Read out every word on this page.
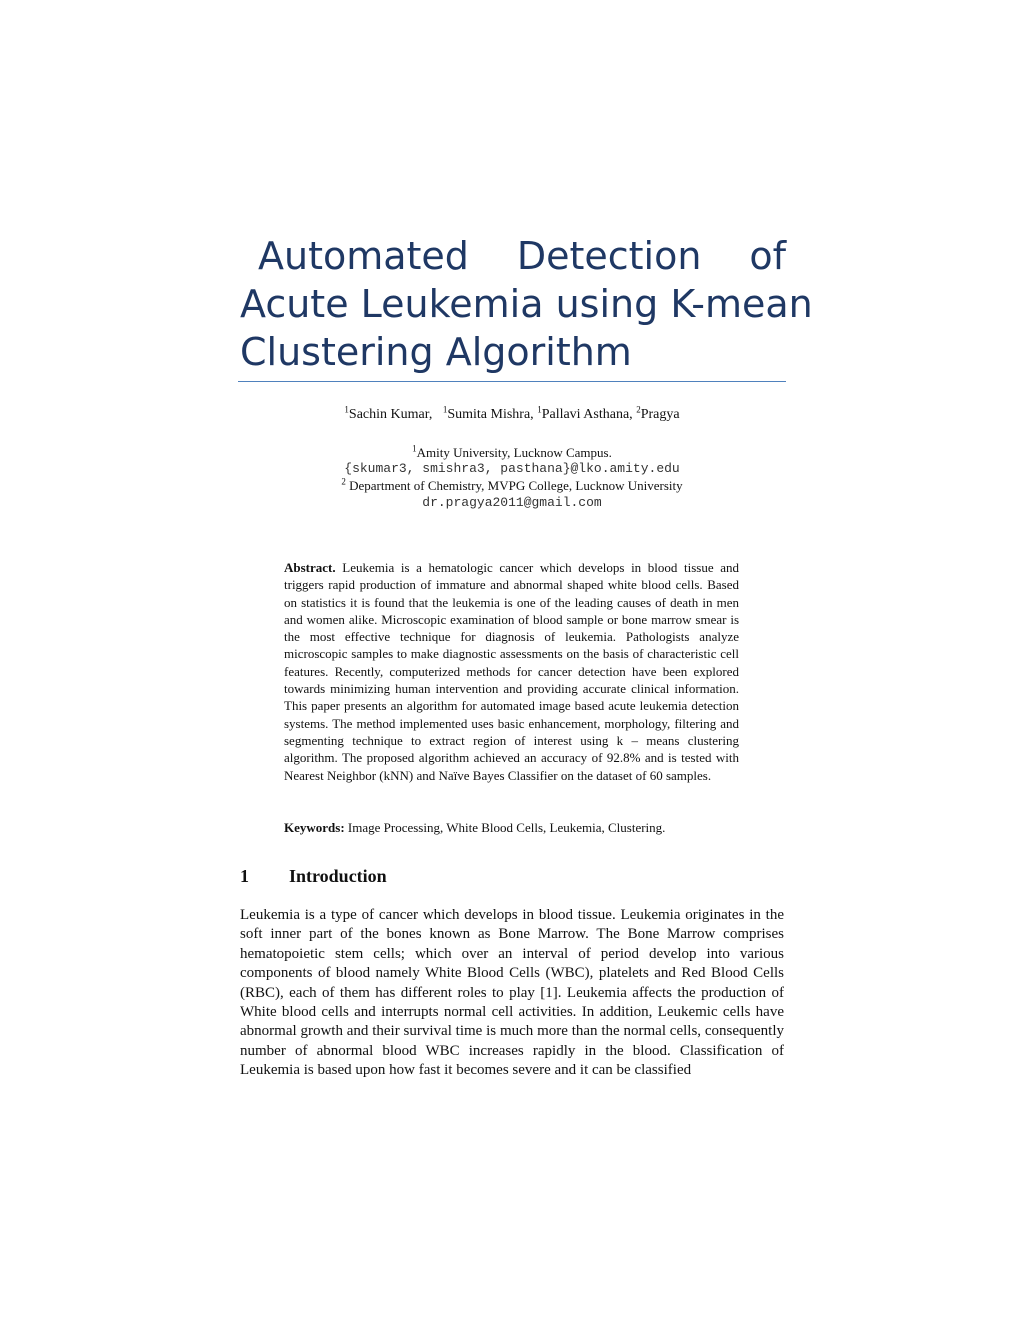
Automated Detection of
Acute Leukemia using K-mean
Clustering Algorithm
$^1$Sachin Kumar, $^1$Sumita Mishra, $^1$Pallavi Asthana, $^2$Pragya
$^1$Amity University, Lucknow Campus.
{skumar3, smishra3, pasthana}@lko.amity.edu
$^2$ Department of Chemistry, MVPG College, Lucknow University
dr.pragya2011@gmail.com

Abstract. Leukemia is a hematologic cancer which develops in blood tissue and triggers rapid production of immature and abnormal shaped white blood cells. Based on statistics it is found that the leukemia is one of the leading causes of death in men and women alike. Microscopic examination of blood sample or bone marrow smear is the most effective technique for diagnosis of leukemia. Pathologists analyze microscopic samples to make diagnostic assessments on the basis of characteristic cell features. Recently, computerized methods for cancer detection have been explored towards minimizing human intervention and providing accurate clinical information. This paper presents an algorithm for automated image based acute leukemia detection systems. The method implemented uses basic enhancement, morphology, filtering and segmenting technique to extract region of interest using k – means clustering algorithm. The proposed algorithm achieved an accuracy of 92.8% and is tested with Nearest Neighbor (kNN) and Naïve Bayes Classifier on the dataset of 60 samples.

Keywords: Image Processing, White Blood Cells, Leukemia, Clustering.

1 Introduction

Leukemia is a type of cancer which develops in blood tissue. Leukemia originates in the soft inner part of the bones known as Bone Marrow. The Bone Marrow comprises hematopoietic stem cells; which over an interval of period develop into various components of blood namely White Blood Cells (WBC), platelets and Red Blood Cells (RBC), each of them has different roles to play [1]. Leukemia affects the production of White blood cells and interrupts normal cell activities. In addition, Leukemic cells have abnormal growth and their survival time is much more than the normal cells, consequently number of abnormal blood WBC increases rapidly in the blood. Classification of Leukemia is based upon how fast it becomes severe and it can be classified
